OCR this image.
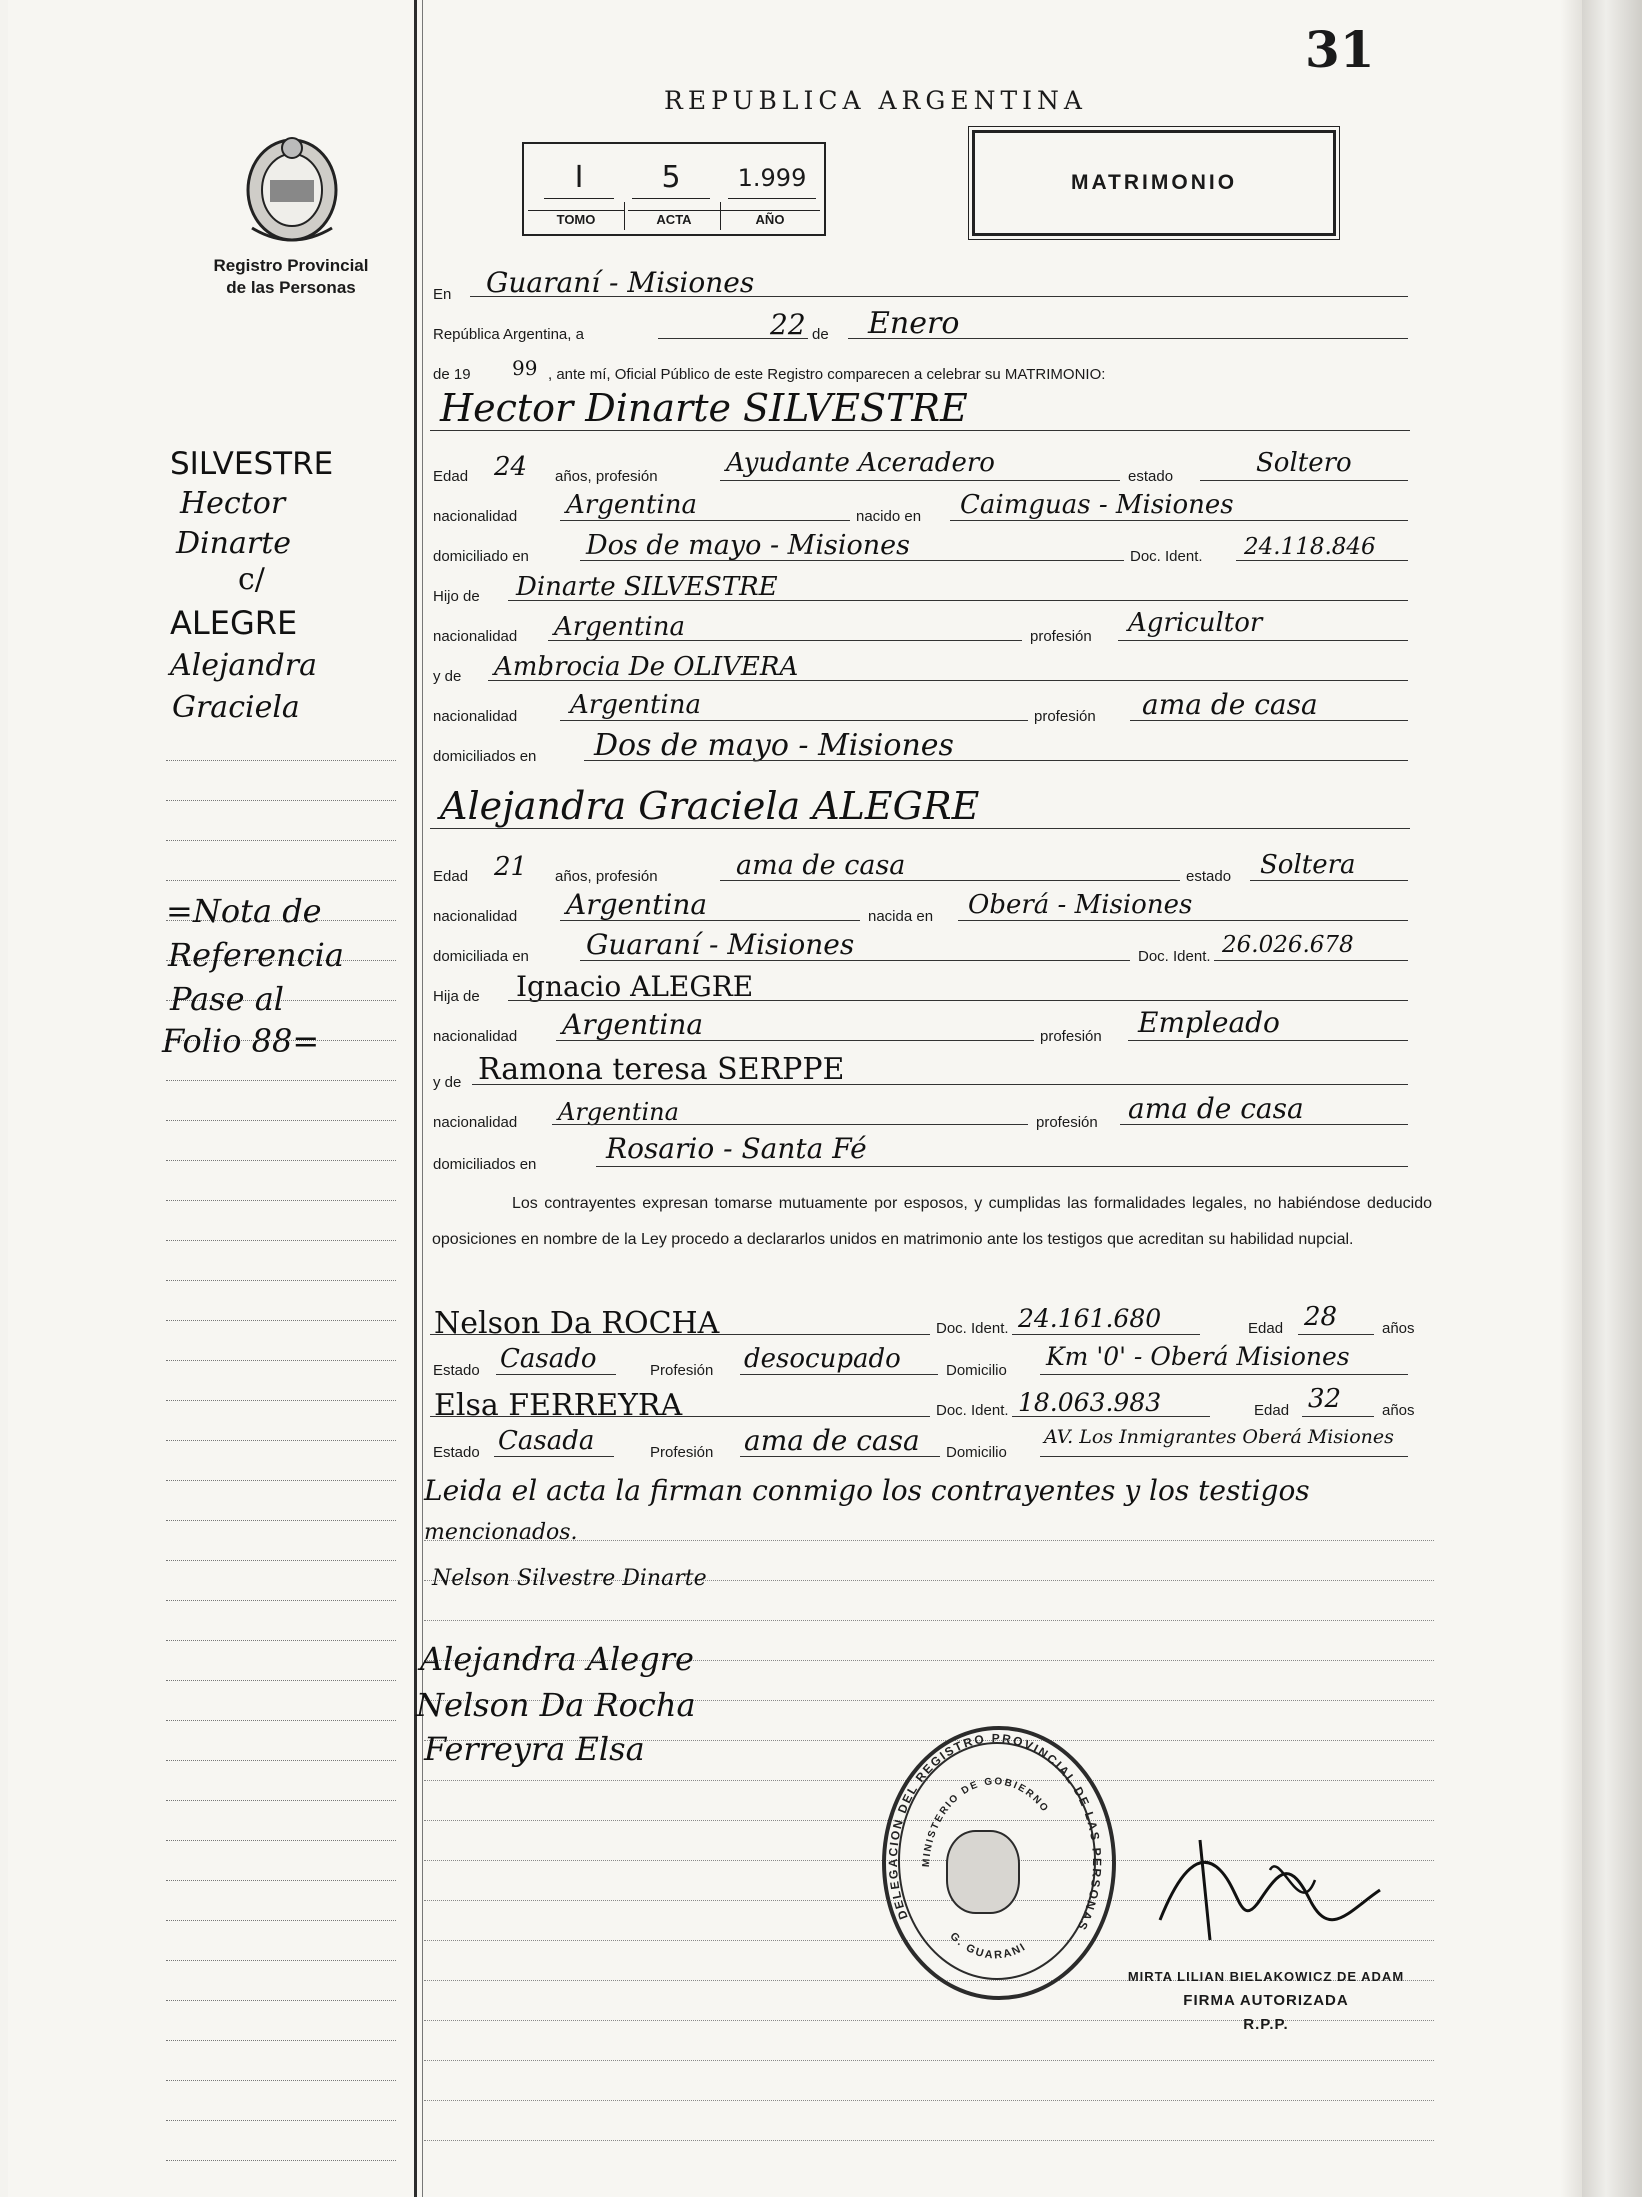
31
REPUBLICA ARGENTINA
Registro Provincial
de las Personas
I	5	1.999
TOMO	ACTA	AÑO
MATRIMONIO
SILVESTRE
Hector
Dinarte
c/
ALEGRE
Alejandra
Graciela
=Nota de
Referencia
Pase al
Folio 88=
En Guaraní - Misiones
República Argentina, a	22 de Enero
de 19 99 , ante mí, Oficial Público de este Registro comparecen a celebrar su MATRIMONIO:
Hector Dinarte SILVESTRE
Edad 24 años, profesión	Ayudante Aceradero	estado	Soltero
nacionalidad Argentina	nacido en Caimguas - Misiones
domiciliado en Dos de mayo - Misiones	Doc. Ident. 24.118.846
Hijo de Dinarte SILVESTRE
nacionalidad Argentina	profesión Agricultor
y de Ambrocia De OLIVERA
nacionalidad Argentina	profesión ama de casa
domiciliados en Dos de mayo - Misiones
Alejandra Graciela ALEGRE
Edad 21 años, profesión	ama de casa	estado Soltera
nacionalidad Argentina	nacida en Oberá - Misiones
domiciliada en Guaraní - Misiones	Doc. Ident. 26.026.678
Hija de Ignacio ALEGRE
nacionalidad Argentina	profesión Empleado
y de Ramona teresa SERPPE
nacionalidad Argentina	profesión ama de casa
domiciliados en Rosario - Santa Fé
Los contrayentes expresan tomarse mutuamente por esposos, y cumplidas las formalidades legales, no habiéndose deducido oposiciones en nombre de la Ley procedo a declararlos unidos en matrimonio ante los testigos que acreditan su habilidad nupcial.
Nelson Da ROCHA	Doc. Ident. 24.161.680	Edad 28	años
Estado Casado	Profesión desocupado	Domicilio Km '0' - Oberá Misiones
Elsa FERREYRA	Doc. Ident. 18.063.983	Edad 32	años
Estado Casada	Profesión ama de casa Domicilio
AV. Los Inmigrantes Oberá Misiones
Leida el acta la firman conmigo los contrayentes y los testigos
mencionados.
Nelson Silvestre Dinarte
Alejandra Alegre
Nelson Da Rocha
Ferreyra Elsa
DELEGACION DEL REGISTRO PROVINCIAL DE LAS PERSONAS
MINISTERIO DE GOBIERNO
G. GUARANI
MIRTA LILIAN BIELAKOWICZ DE ADAM
FIRMA AUTORIZADA
R.P.P.
